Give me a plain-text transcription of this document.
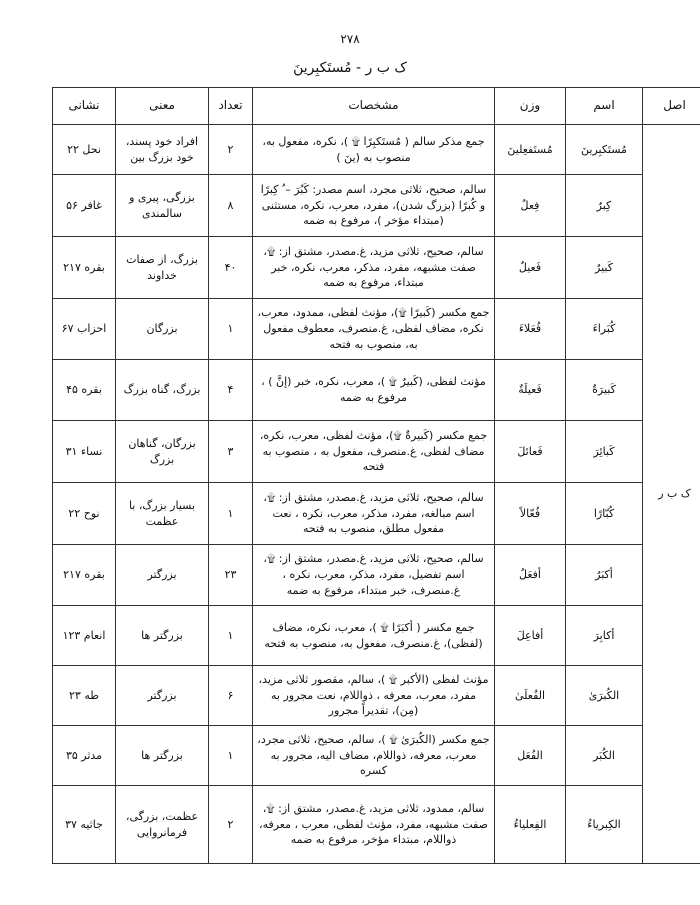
۲۷۸
ک ب ر - مُستَکبِرینَ
اصل	اسم	وزن	مشخصات	تعداد	معنی	نشانی
ک ب ر	مُستَکبِرینَ	مُستَفعِلینَ	جمع مذکر سالم ( مُستَکبِرًا ۩ )، نکره، مفعول به، منصوب به (ینَ )	۲	افراد خود پسند، خود بزرگ بین	نحل ۲۲
	کِبرٌ	فِعلٌ	سالم، صحیح، ثلاثی مجرد، اسم مصدر: کَبُرَ – ُ کِبرًا و کُبرًا (بزرگ شدن)، مفرد، معرب، نکره، مستثنی (مبتداء مؤخر )، مرفوع به ضمه	۸	بزرگی، پیری و سالمندی	غافر ۵۶
	کَبیرٌ	فَعیلٌ	سالم، صحیح، ثلاثی مزید، غ.مصدر، مشتق از: ۩، صفت مشبهه، مفرد، مذکر، معرب، نکره، خبر مبتداء، مرفوع به ضمه	۴۰	بزرگ، از صفات خداوند	بقره ۲۱۷
	کُبَراءَ	فُعَلاءَ	جمع مکسر (کَبیرًا ۩)، مؤنث لفظی، ممدود، معرب، نکره، مضاف لفظی، غ.منصرف، معطوف مفعول به، منصوب به فتحه	۱	بزرگان	احزاب ۶۷
	کَبیرَةٌ	فَعیلَةٌ	مؤنث لفظی، (کَبیرٌ ۩ )، معرب، نکره، خبر (إنَّ ) ، مرفوع به ضمه	۴	بزرگ، گناه بزرگ	بقره ۴۵
	کَبائِرَ	فَعائلَ	جمع مکسر (کَبیرةٌ ۩)، مؤنث لفظی، معرب، نکره، مضاف لفظی، غ.منصرف، مفعول به ، منصوب به فتحه	۳	بزرگان، گناهان بزرگ	نساء ۳۱
	کُبّارًا	فُعّالاً	سالم، صحیح، ثلاثی مزید، غ.مصدر، مشتق از: ۩، اسم مبالغه، مفرد، مذکر، معرب، نکره ، نعت مفعول مطلق، منصوب به فتحه	۱	بسیار بزرگ، با عظمت	نوح ۲۲
	أکبَرُ	أفعَلُ	سالم، صحیح، ثلاثی مزید، غ.مصدر، مشتق از: ۩، اسم تفضیل، مفرد، مذکر، معرب، نکره ، غ.منصرف، خبر مبتداء، مرفوع به ضمه	۲۳	بزرگتر	بقره ۲۱۷
	أکابِرَ	أفاعِلَ	جمع مکسر ( أکبَرًا ۩ )، معرب، نکره، مضاف (لفظی)، غ.منصرف، مفعول به، منصوب به فتحه	۱	بزرگتر ها	انعام ۱۲۳
	الکُبرَیٰ	الفُعلَیٰ	مؤنث لفظی (الأکبر ۩ )، سالم، مقصور ثلاثی مزید، مفرد، معرب، معرفه ، ذواللام، نعت مجرور به (مِن)، تقدیراً مجرور	۶	بزرگتر	طه ۲۳
	الکُبَر	الفُعَل	جمع مکسر (الکُبرَیٰ ۩ )، سالم، صحیح، ثلاثی مجرد، معرب، معرفه، ذواللام، مضاف الیه، مجرور به کسره	۱	بزرگتر ها	مدثر ۳۵
	الکِبریاءُ	الفِعلیاءُ	سالم، ممدود، ثلاثی مزید، غ.مصدر، مشتق از: ۩، صفت مشبهه، مفرد، مؤنث لفظی، معرب ، معرفه، ذواللام، مبتداء مؤخر، مرفوع به ضمه	۲	عظمت، بزرگی، فرمانروایی	جاثیه ۳۷
